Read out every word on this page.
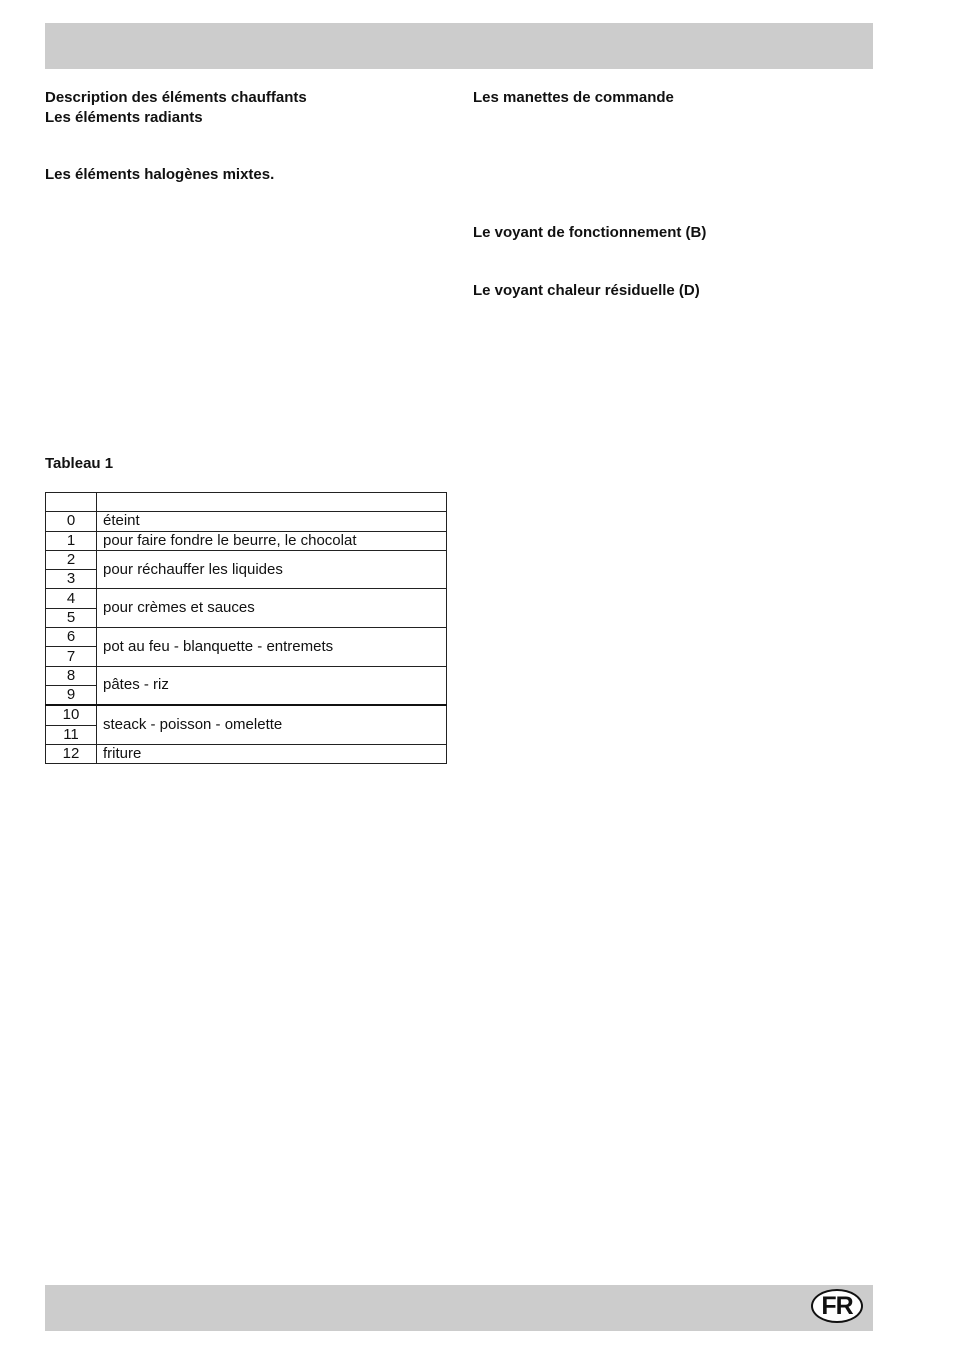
Description des éléments chauffants
Les éléments radiants
Les éléments halogènes mixtes.
Tableau 1
Les manettes de commande
Le voyant de fonctionnement (B)
Le voyant chaleur résiduelle (D)

0	éteint
1	pour faire fondre le beurre, le chocolat
2	pour réchauffer les liquides
3	
4	pour crèmes et sauces
5	
6	pot au feu - blanquette - entremets
7	
8	pâtes - riz
9	
10	steack - poisson - omelette
11	
12	friture
FR
